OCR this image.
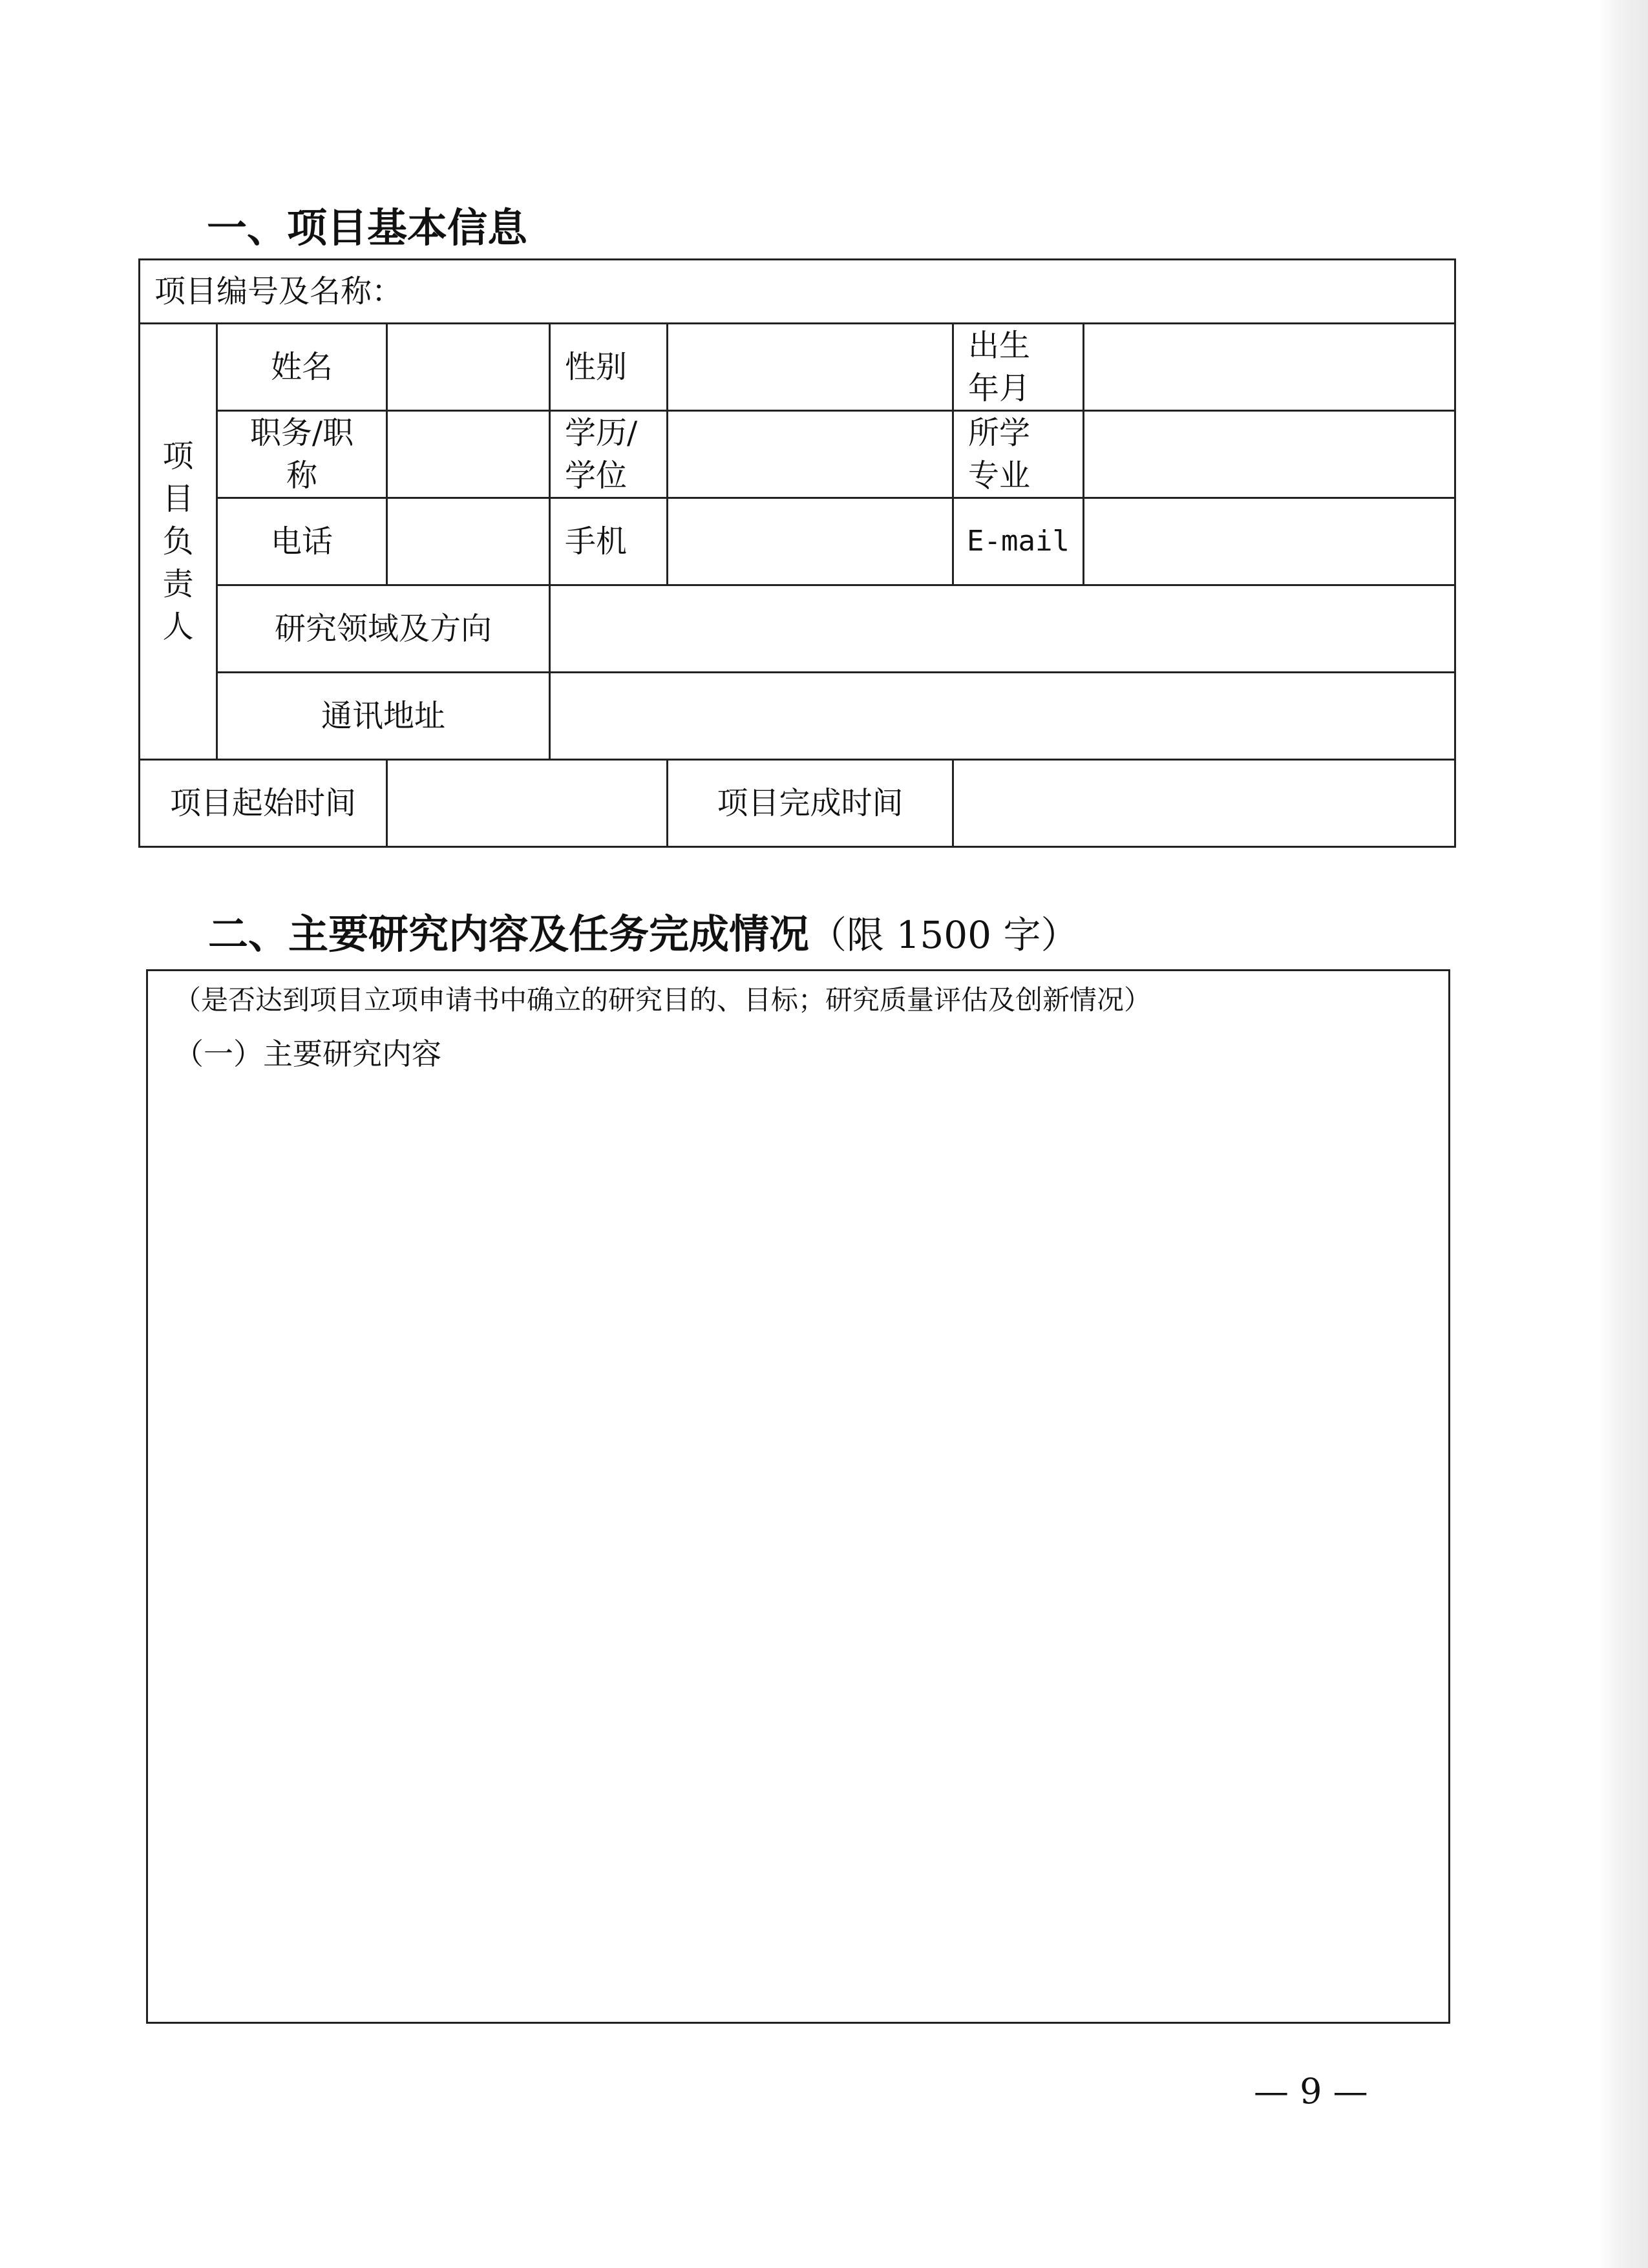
一、项目基本信息
项目编号及名称：						

项
目
负
责
人	姓名		性别		出生
年月	

	职务/职
称		学历/
学位		所学
专业	

	电话		手机		E-mail	
	研究领域及方向					
	通讯地址					
项目起始时间				项目完成时间		
二、主要研究内容及任务完成情况（限 1500 字）
（是否达到项目立项申请书中确立的研究目的、目标；研究质量评估及创新情况）
（一）主要研究内容
— 9 —
